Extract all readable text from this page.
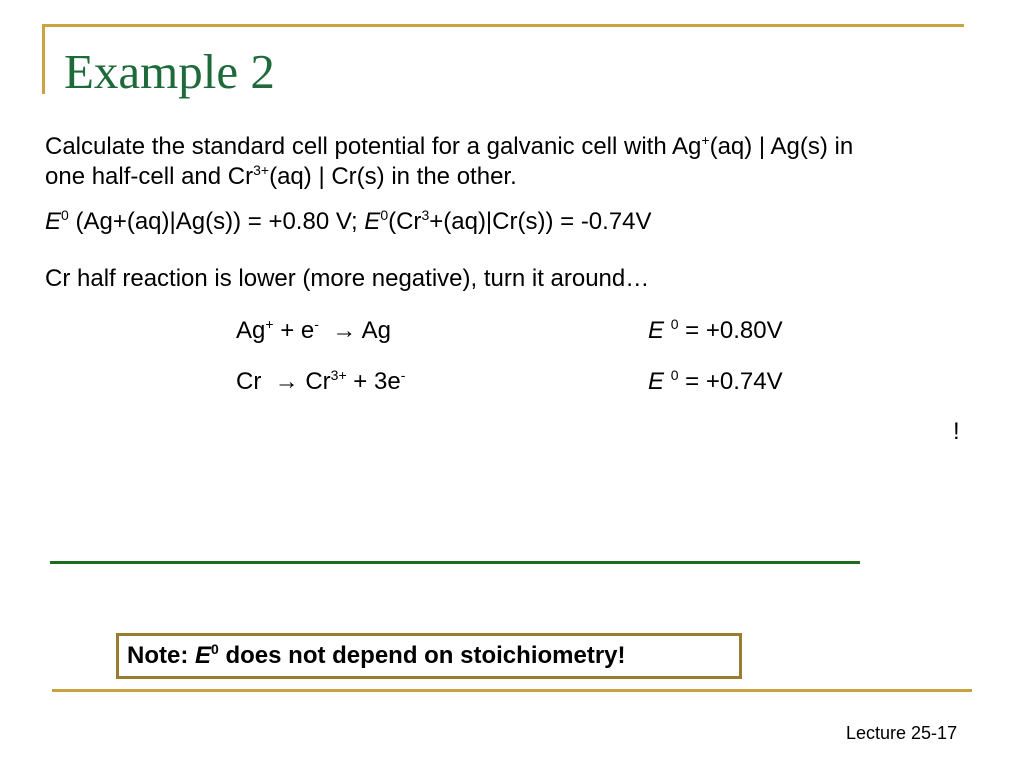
Example 2
Calculate the standard cell potential for a galvanic cell with Ag+(aq) | Ag(s) in
one half-cell and $Cr^{3+}(aq)$ | Cr(s) in the other.
$E^0$ (Ag+(aq)|Ag(s)) = +0.80 V; $E^0(Cr^3+(aq)|Cr(s)) = -0.74V$
Cr half reaction is lower (more negative), turn it around…
Ag+ + e- → Ag	E $^0$ = +0.80V
$Cr \to Cr^{3+} + 3e^-$	E $^0$ = +0.74V
!
Note: $E^0$ does not depend on stoichiometry!
Lecture 25-17
